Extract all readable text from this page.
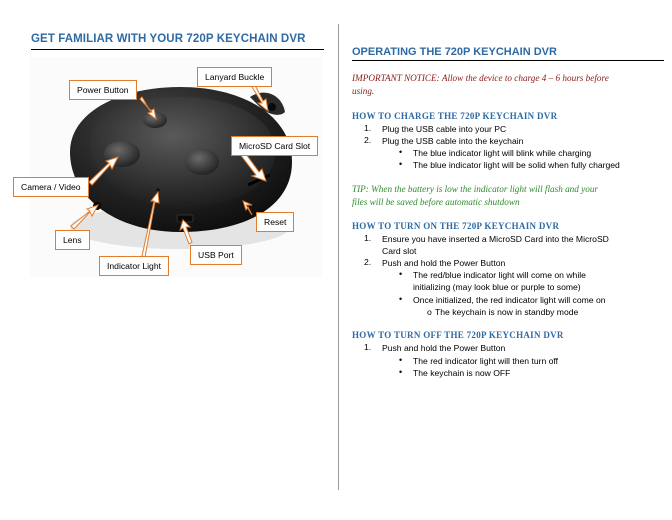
GET FAMILIAR WITH YOUR 720P KEYCHAIN DVR
Power Button
Lanyard Buckle
MicroSD Card Slot
Camera / Video
Reset
Lens
USB Port
Indicator Light
OPERATING THE 720P KEYCHAIN DVR
IMPORTANT NOTICE: Allow the device to charge 4 – 6 hours before
using.
HOW TO CHARGE THE 720P KEYCHAIN DVR
1. Plug the USB cable into your PC
2. Plug the USB cable into the keychain
• The blue indicator light will blink while charging
• The blue indicator light will be solid when fully charged
TIP: When the battery is low the indicator light will flash and your
files will be saved before automatic shutdown
HOW TO TURN ON THE 720P KEYCHAIN DVR
1. Ensure you have inserted a MicroSD Card into the MicroSD
Card slot
2. Push and hold the Power Button
• The red/blue indicator light will come on while
initializing (may look blue or purple to some)
• Once initialized, the red indicator light will come on
o The keychain is now in standby mode
HOW TO TURN OFF THE 720P KEYCHAIN DVR
1. Push and hold the Power Button
• The red indicator light will then turn off
• The keychain is now OFF
